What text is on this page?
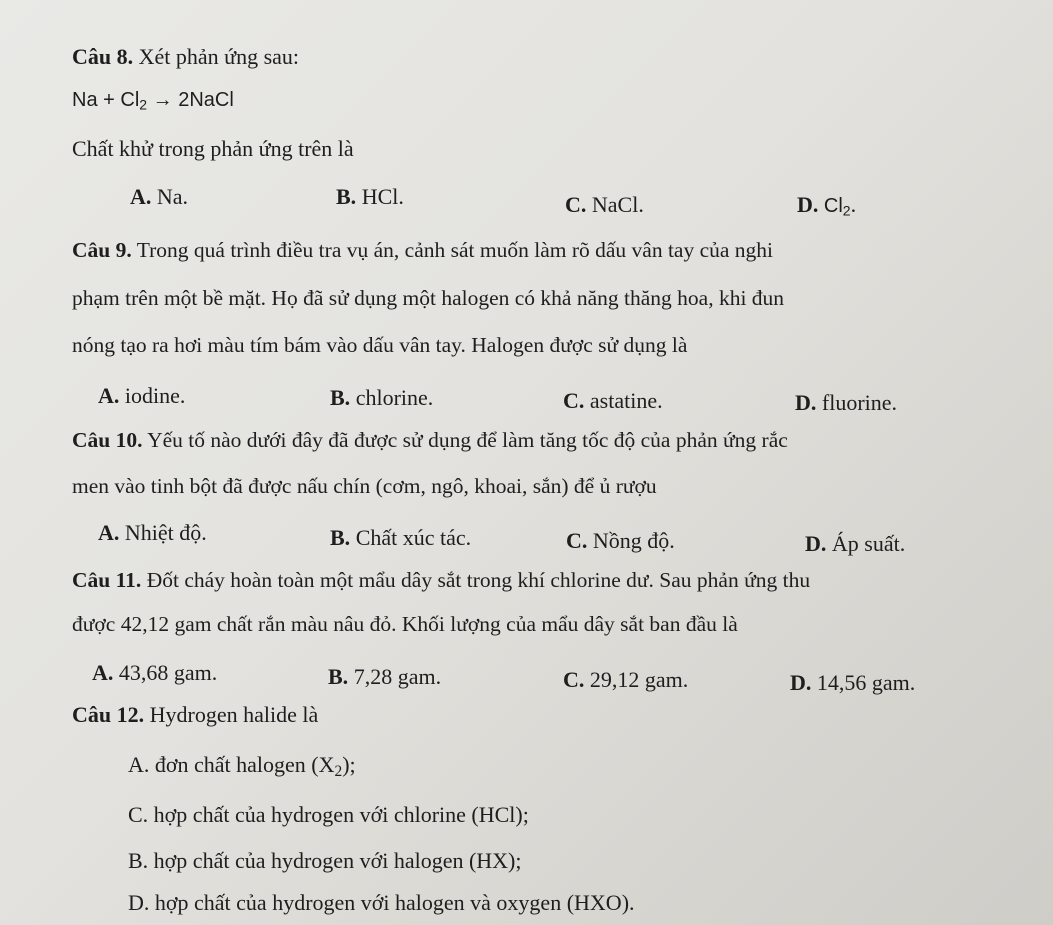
Câu 8. Xét phản ứng sau:
$Na + Cl_2$ → 2NaCl
Chất khử trong phản ứng trên là
A. Na.	B. HCl.	C. NaCl.	D. $Cl_2$.
Câu 9. Trong quá trình điều tra vụ án, cảnh sát muốn làm rõ dấu vân tay của nghi
phạm trên một bề mặt. Họ đã sử dụng một halogen có khả năng thăng hoa, khi đun
nóng tạo ra hơi màu tím bám vào dấu vân tay. Halogen được sử dụng là
A. iodine.	B. chlorine.	C. astatine.	D. fluorine.
Câu 10. Yếu tố nào dưới đây đã được sử dụng để làm tăng tốc độ của phản ứng rắc
men vào tinh bột đã được nấu chín (cơm, ngô, khoai, sắn) để ủ rượu
A. Nhiệt độ.	B. Chất xúc tác.	C. Nồng độ.	D. Áp suất.
Câu 11. Đốt cháy hoàn toàn một mẩu dây sắt trong khí chlorine dư. Sau phản ứng thu
được 42,12 gam chất rắn màu nâu đỏ. Khối lượng của mẩu dây sắt ban đầu là
A. 43,68 gam.	B. 7,28 gam.	C. 29,12 gam.	D. 14,56 gam.
Câu 12. Hydrogen halide là
A. đơn chất halogen $(X_2)$;
C. hợp chất của hydrogen với chlorine (HCl);
B. hợp chất của hydrogen với halogen (HX);
D. hợp chất của hydrogen với halogen và oxygen (HXO).
